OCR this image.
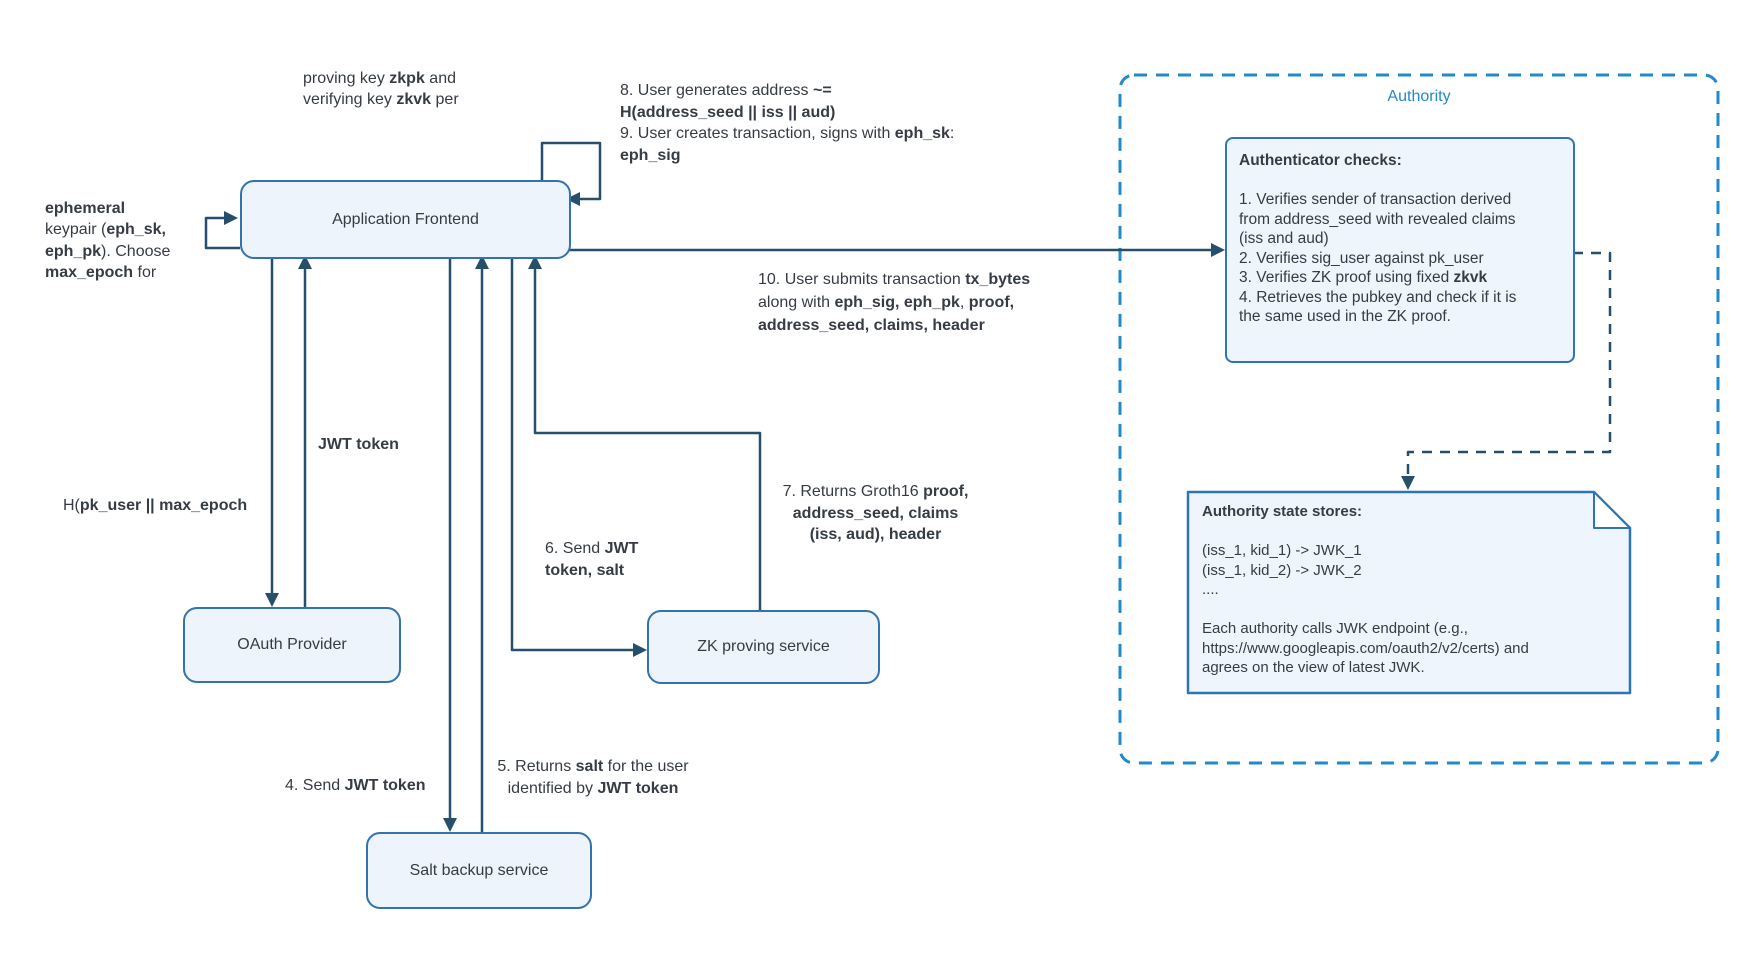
Application Frontend
OAuth Provider	ZK proving service
Salt backup service
Authority
Authenticator checks:

1. Verifies sender of transaction derived
from address_seed with revealed claims
(iss and aud)
2. Verifies sig_user against pk_user
3. Verifies ZK proof using fixed zkvk
4. Retrieves the pubkey and check if it is
the same used in the ZK proof.
Authority state stores:

(iss_1, kid_1) -> JWK_1
(iss_1, kid_2) -> JWK_2
....

Each authority calls JWK endpoint (e.g.,
https://www.googleapis.com/oauth2/v2/certs) and
agrees on the view of latest JWK.

proving key zkpk and
verifying key zkvk per

ephemeral
keypair (eph_sk,
eph_pk). Choose
max_epoch for

H(pk_user || max_epoch

JWT token
4. Send JWT token
5. Returns salt for the user
identified by JWT token
6. Send JWT
token, salt
7. Returns Groth16 proof,
address_seed, claims
(iss, aud), header
8. User generates address ~=
H(address_seed || iss || aud)
9. User creates transaction, signs with eph_sk:
eph_sig
10. User submits transaction tx_bytes
along with eph_sig, eph_pk, proof,
address_seed, claims, header
